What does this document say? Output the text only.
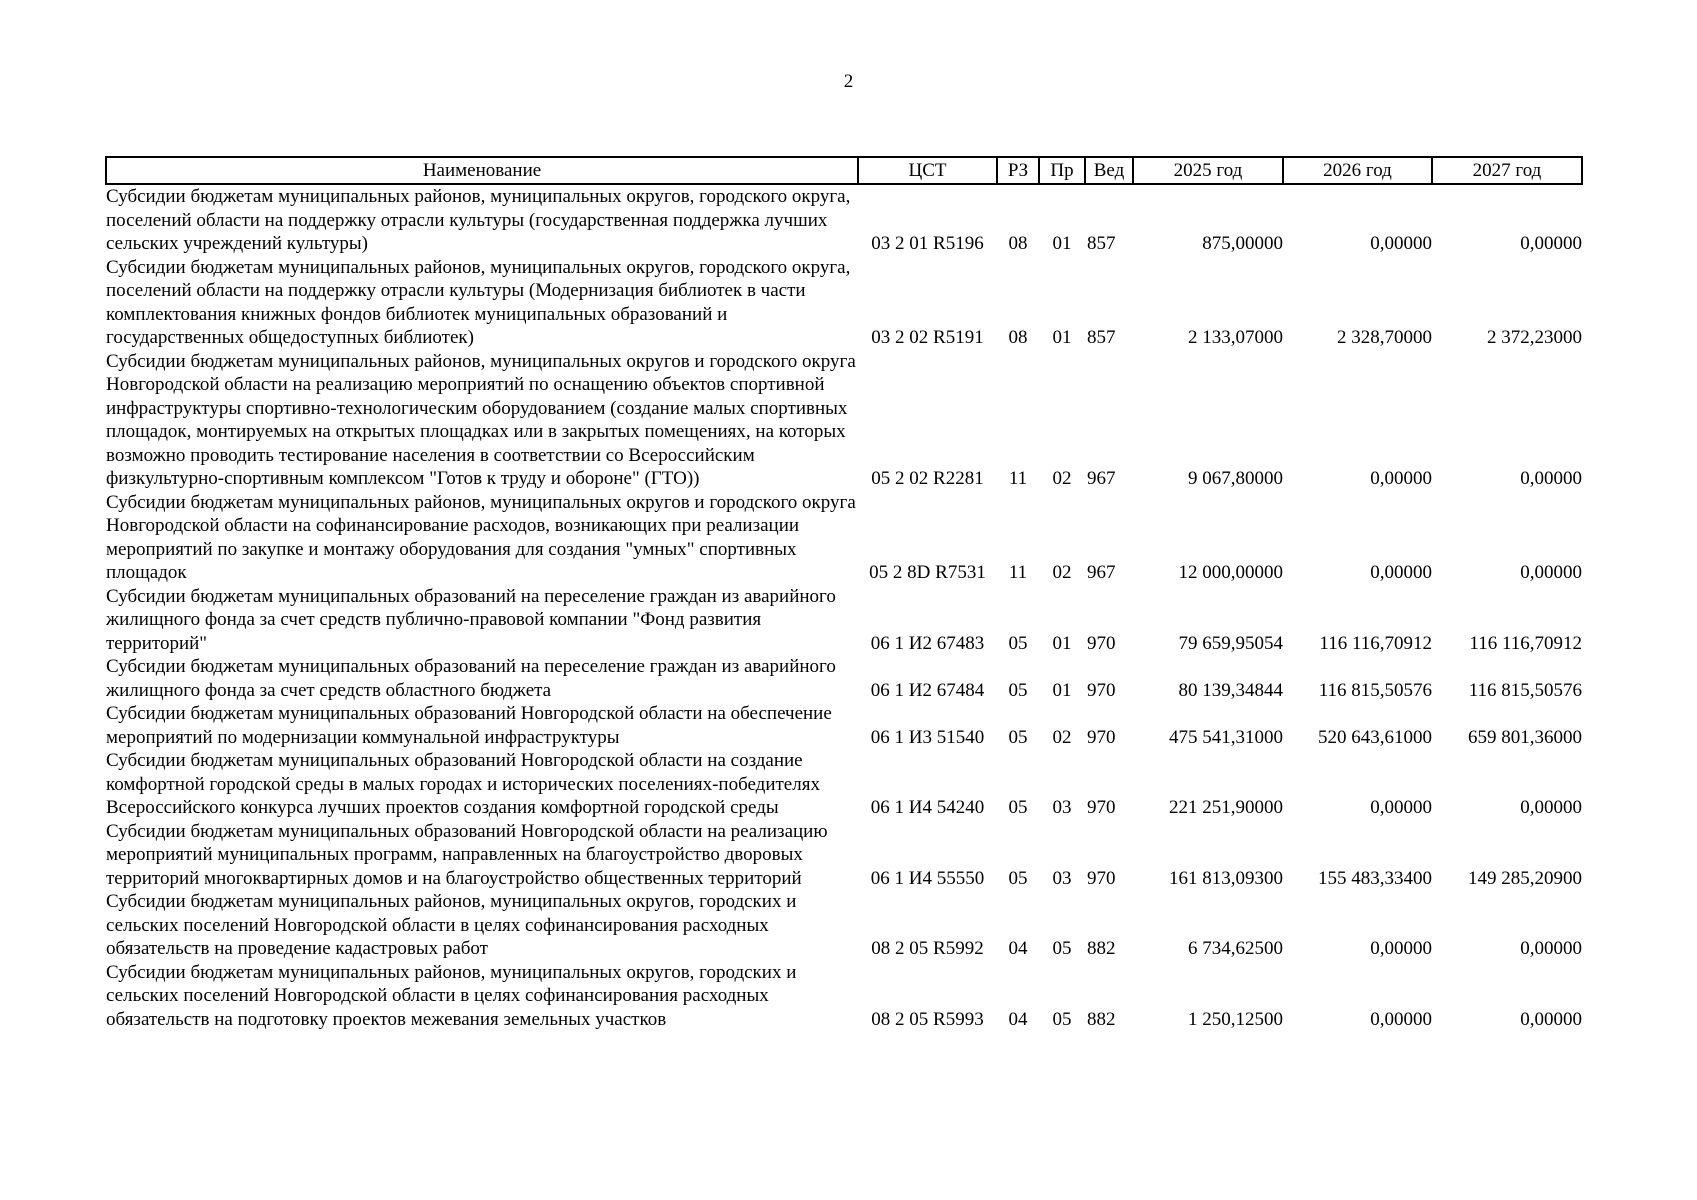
2
Наименование	ЦСТ	РЗ	Пр	Вед	2025 год	2026 год	2027 год
Субсидии бюджетам муниципальных районов, муниципальных округов, городского округа, поселений области на поддержку отрасли культуры (государственная поддержка лучших сельских учреждений культуры)	03 2 01 R5196	08	01	857	875,00000	0,00000	0,00000
Субсидии бюджетам муниципальных районов, муниципальных округов, городского округа, поселений области на поддержку отрасли культуры (Модернизация библиотек в части комплектования книжных фондов библиотек муниципальных образований и государственных общедоступных библиотек)	03 2 02 R5191	08	01	857	2 133,07000	2 328,70000	2 372,23000
Субсидии бюджетам муниципальных районов, муниципальных округов и городского округа Новгородской области на реализацию мероприятий по оснащению объектов спортивной инфраструктуры спортивно-технологическим оборудованием (создание малых спортивных площадок, монтируемых на открытых площадках или в закрытых помещениях, на которых возможно проводить тестирование населения в соответствии со Всероссийским физкультурно-спортивным комплексом "Готов к труду и обороне" (ГТО))	05 2 02 R2281	11	02	967	9 067,80000	0,00000	0,00000
Субсидии бюджетам муниципальных районов, муниципальных округов и городского округа Новгородской области на софинансирование расходов, возникающих при реализации мероприятий по закупке и монтажу оборудования для создания "умных" спортивных площадок	05 2 8D R7531	11	02	967	12 000,00000	0,00000	0,00000
Субсидии бюджетам муниципальных образований на переселение граждан из аварийного жилищного фонда за счет средств публично-правовой компании "Фонд развития территорий"	06 1 И2 67483	05	01	970	79 659,95054	116 116,70912	116 116,70912
Субсидии бюджетам муниципальных образований на переселение граждан из аварийного жилищного фонда за счет средств областного бюджета	06 1 И2 67484	05	01	970	80 139,34844	116 815,50576	116 815,50576
Субсидии бюджетам муниципальных образований Новгородской области на обеспечение мероприятий по модернизации коммунальной инфраструктуры	06 1 И3 51540	05	02	970	475 541,31000	520 643,61000	659 801,36000
Субсидии бюджетам муниципальных образований Новгородской области на создание комфортной городской среды в малых городах и исторических поселениях-победителях Всероссийского конкурса лучших проектов создания комфортной городской среды	06 1 И4 54240	05	03	970	221 251,90000	0,00000	0,00000
Субсидии бюджетам муниципальных образований Новгородской области на реализацию мероприятий муниципальных программ, направленных на благоустройство дворовых территорий многоквартирных домов и на благоустройство общественных территорий	06 1 И4 55550	05	03	970	161 813,09300	155 483,33400	149 285,20900
Субсидии бюджетам муниципальных районов, муниципальных округов, городских и сельских поселений Новгородской области в целях софинансирования расходных обязательств на проведение кадастровых работ	08 2 05 R5992	04	05	882	6 734,62500	0,00000	0,00000
Субсидии бюджетам муниципальных районов, муниципальных округов, городских и сельских поселений Новгородской области в целях софинансирования расходных обязательств на подготовку проектов межевания земельных участков	08 2 05 R5993	04	05	882	1 250,12500	0,00000	0,00000
